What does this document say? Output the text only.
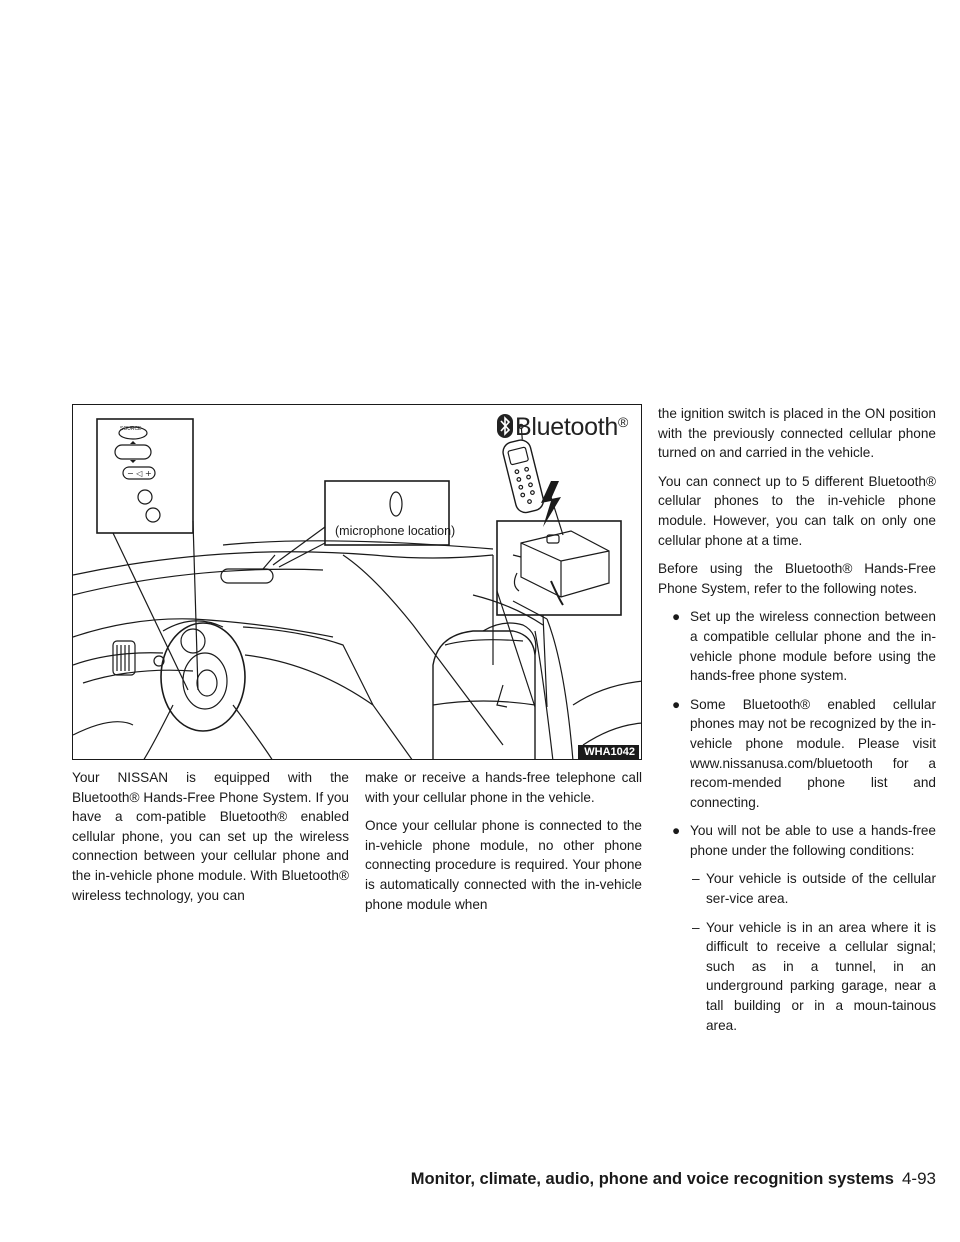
− ◁ +
Bluetooth®
(microphone location)
SOURCE
WHA1042

Your NISSAN is equipped with the Bluetooth® Hands-Free Phone System. If you have a com-patible Bluetooth® enabled cellular phone, you can set up the wireless connection between your cellular phone and the in-vehicle phone module. With Bluetooth® wireless technology, you can

make or receive a hands-free telephone call with your cellular phone in the vehicle.

Once your cellular phone is connected to the in-vehicle phone module, no other phone connecting procedure is required. Your phone is automatically connected with the in-vehicle phone module when

the ignition switch is placed in the ON position with the previously connected cellular phone turned on and carried in the vehicle.

You can connect up to 5 different Bluetooth® cellular phones to the in-vehicle phone module. However, you can talk on only one cellular phone at a time.

Before using the Bluetooth® Hands-Free Phone System, refer to the following notes.

● Set up the wireless connection between a compatible cellular phone and the in-vehicle phone module before using the hands-free phone system.
● Some Bluetooth® enabled cellular phones may not be recognized by the in-vehicle phone module. Please visit www.nissanusa.com/bluetooth for a recom-mended phone list and connecting.
● You will not be able to use a hands-free phone under the following conditions:
– Your vehicle is outside of the cellular ser-vice area.
– Your vehicle is in an area where it is difficult to receive a cellular signal; such as in a tunnel, in an underground parking garage, near a tall building or in a moun-tainous area.
Monitor, climate, audio, phone and voice recognition systems 4-93
